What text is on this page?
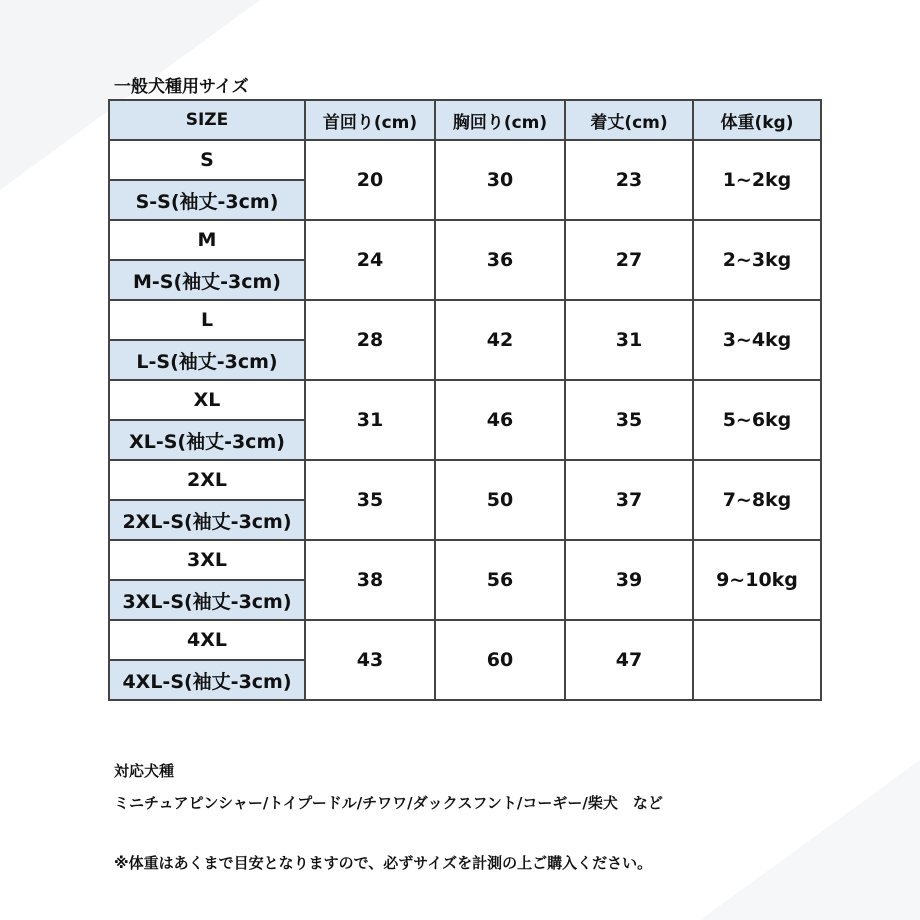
一般犬種用サイズ
SIZE	首回り(cm)	胸回り(cm)	着丈(cm)	体重(kg)
S	20	30	23	1~2kg
S-S(袖丈-3cm)				
M	24	36	27	2~3kg
M-S(袖丈-3cm)				
L	28	42	31	3~4kg
L-S(袖丈-3cm)				
XL	31	46	35	5~6kg
XL-S(袖丈-3cm)				
2XL	35	50	37	7~8kg
2XL-S(袖丈-3cm)				
3XL	38	56	39	9~10kg
3XL-S(袖丈-3cm)				
4XL	43	60	47	
4XL-S(袖丈-3cm)				
対応犬種
ミニチュアピンシャー/トイプードル/チワワ/ダックスフント/コーギー/柴犬　など
※体重はあくまで目安となりますので、必ずサイズを計測の上ご購入ください。
